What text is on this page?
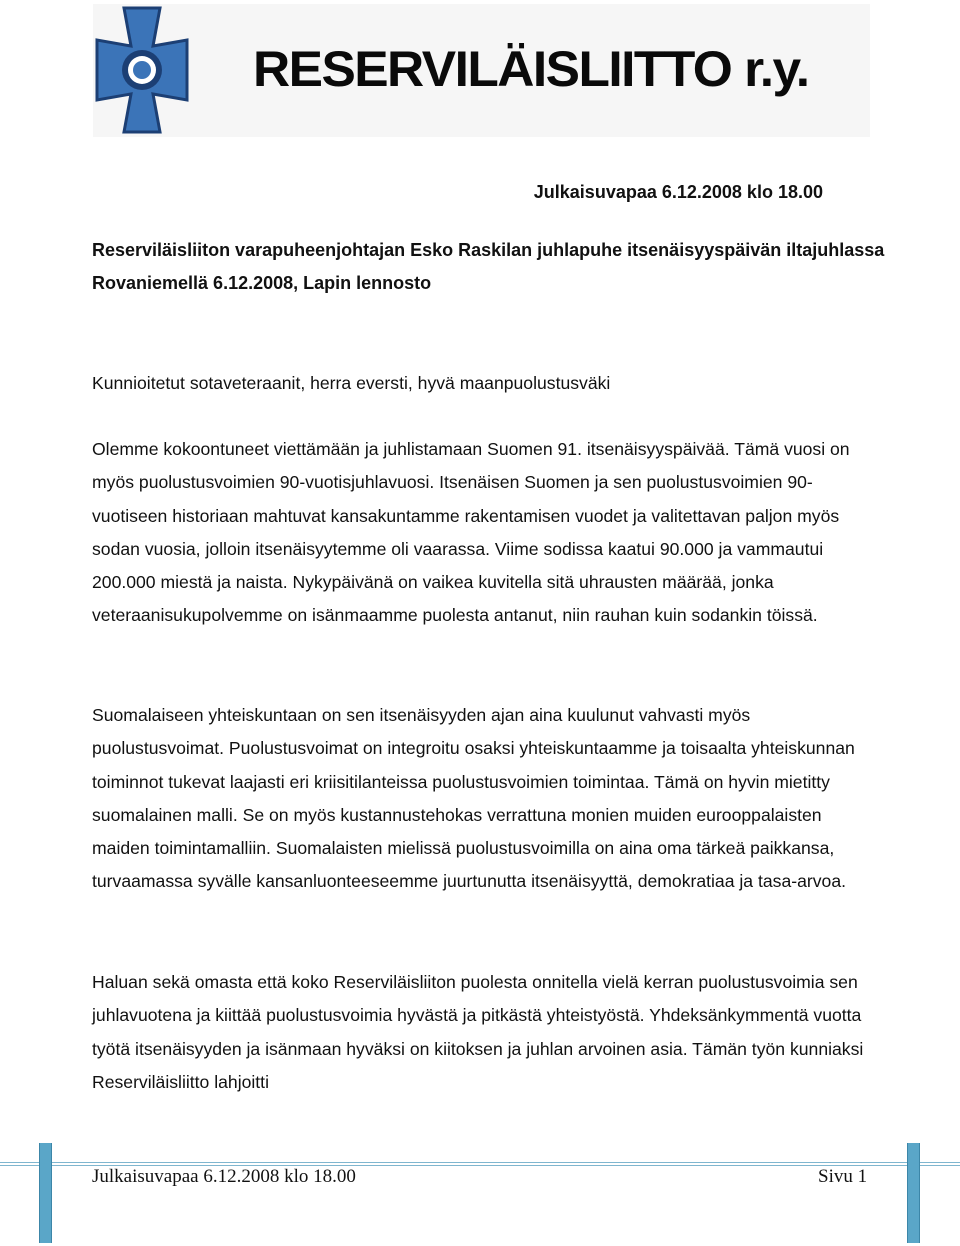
RESERVILÄISLIITTO r.y.
Julkaisuvapaa 6.12.2008 klo 18.00

Reserviläisliiton varapuheenjohtajan Esko Raskilan juhlapuhe itsenäisyyspäivän iltajuhlassa Rovaniemellä 6.12.2008, Lapin lennosto

Kunnioitetut sotaveteraanit, herra eversti, hyvä maanpuolustusväki

Olemme kokoontuneet viettämään ja juhlistamaan Suomen 91. itsenäisyyspäivää. Tämä vuosi on myös puolustusvoimien 90-vuotisjuhlavuosi. Itsenäisen Suomen ja sen puolustusvoimien 90-vuotiseen historiaan mahtuvat kansakuntamme rakentamisen vuodet ja valitettavan paljon myös sodan vuosia, jolloin itsenäisyytemme oli vaarassa. Viime sodissa kaatui 90.000 ja vammautui 200.000 miestä ja naista. Nykypäivänä on vaikea kuvitella sitä uhrausten määrää, jonka veteraanisukupolvemme on isänmaamme puolesta antanut, niin rauhan kuin sodankin töissä.

Suomalaiseen yhteiskuntaan on sen itsenäisyyden ajan aina kuulunut vahvasti myös puolustusvoimat. Puolustusvoimat on integroitu osaksi yhteiskuntaamme ja toisaalta yhteiskunnan toiminnot tukevat laajasti eri kriisitilanteissa puolustusvoimien toimintaa. Tämä on hyvin mietitty suomalainen malli. Se on myös kustannustehokas verrattuna monien muiden eurooppalaisten maiden toimintamalliin. Suomalaisten mielissä puolustusvoimilla on aina oma tärkeä paikkansa, turvaamassa syvälle kansanluonteeseemme juurtunutta itsenäisyyttä, demokratiaa ja tasa-arvoa.

Haluan sekä omasta että koko Reserviläisliiton puolesta onnitella vielä kerran puolustusvoimia sen juhlavuotena ja kiittää puolustusvoimia hyvästä ja pitkästä yhteistyöstä. Yhdeksänkymmentä vuotta työtä itsenäisyyden ja isänmaan hyväksi on kiitoksen ja juhlan arvoinen asia. Tämän työn kunniaksi Reserviläisliitto lahjoitti

Julkaisuvapaa 6.12.2008 klo 18.00	Sivu 1
